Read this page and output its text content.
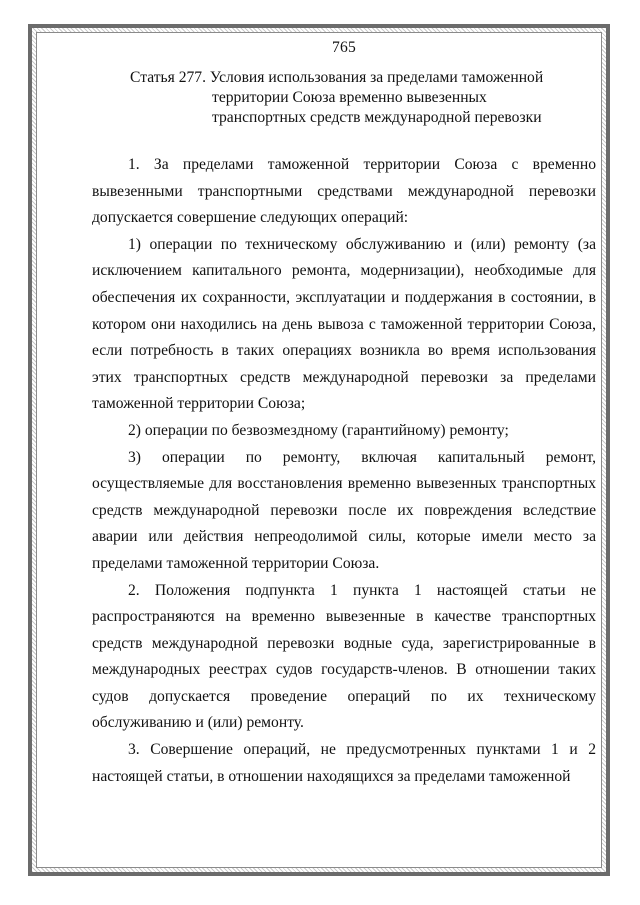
765
Статья 277. Условия использования за пределами таможенной
территории Союза временно вывезенных
транспортных средств международной перевозки

1. За пределами таможенной территории Союза с временно вывезенными транспортными средствами международной перевозки допускается совершение следующих операций:

1) операции по техническому обслуживанию и (или) ремонту (за исключением капитального ремонта, модернизации), необходимые для обеспечения их сохранности, эксплуатации и поддержания в состоянии, в котором они находились на день вывоза с таможенной территории Союза, если потребность в таких операциях возникла во время использования этих транспортных средств международной перевозки за пределами таможенной территории Союза;

2) операции по безвозмездному (гарантийному) ремонту;

3) операции по ремонту, включая капитальный ремонт, осуществляемые для восстановления временно вывезенных транспортных средств международной перевозки после их повреждения вследствие аварии или действия непреодолимой силы, которые имели место за пределами таможенной территории Союза.

2. Положения подпункта 1 пункта 1 настоящей статьи не распространяются на временно вывезенные в качестве транспортных средств международной перевозки водные суда, зарегистрированные в международных реестрах судов государств-членов. В отношении таких судов допускается проведение операций по их техническому обслуживанию и (или) ремонту.

3. Совершение операций, не предусмотренных пунктами 1 и 2 настоящей статьи, в отношении находящихся за пределами таможенной
